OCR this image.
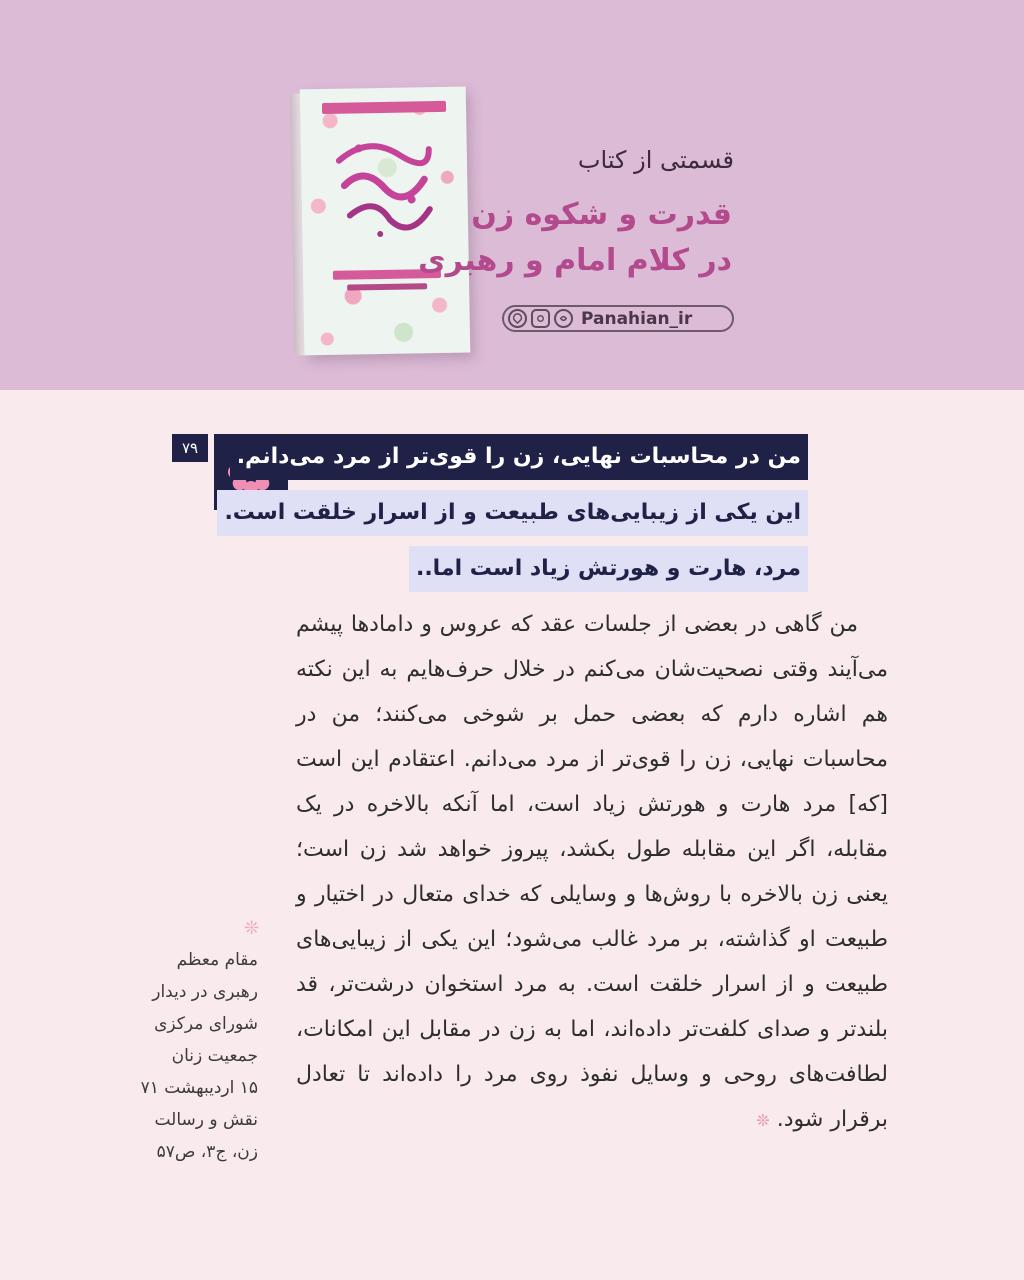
قسمتی از کتاب
قدرت و شکوه زن
در کلام امام و رهبری
Panahian_ir
۷۹	من در محاسبات نهایی، زن را قوی‌تر از مرد می‌دانم.
این یکی از زیبایی‌های طبیعت و از اسرار خلقت است.
مرد، هارت و هورتش زیاد است اما..
من گاهی در بعضی از جلسات عقد که عروس و دامادها پیشم می‌آیند وقتی نصحیت‌شان می‌کنم در خلال حرف‌هایم به این نکته هم اشاره دارم که بعضی حمل بر شوخی می‌کنند؛ من در محاسبات نهایی، زن را قوی‌تر از مرد می‌دانم. اعتقادم این است [که] مرد هارت و هورتش زیاد است، اما آنکه بالاخره در یک مقابله، اگر این مقابله طول بکشد، پیروز خواهد شد زن است؛ یعنی زن بالاخره با روش‌ها و وسایلی که خدای متعال در اختیار و طبیعت او گذاشته، بر مرد غالب می‌شود؛ این یکی از زیبایی‌های طبیعت و از اسرار خلقت است. به مرد استخوان درشت‌تر، قد بلندتر و صدای کلفت‌تر داده‌اند، اما به زن در مقابل این امکانات، لطافت‌های روحی و وسایل نفوذ روی مرد را داده‌اند تا تعادل برقرار شود. ❊
❊
مقام معظم
رهبری در دیدار
شورای مرکزی
جمعیت زنان
۱۵ اردیبهشت ۷۱
نقش و رسالت
زن، ج۳، ص۵۷
